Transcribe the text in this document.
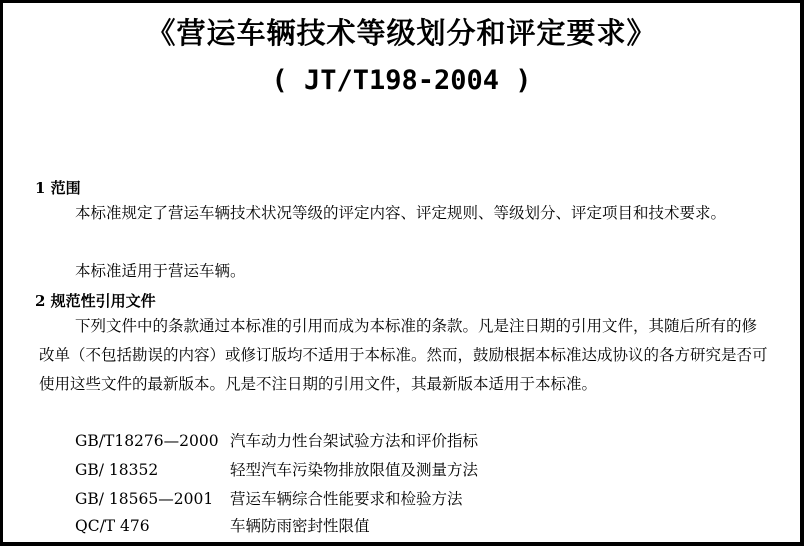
《营运车辆技术等级划分和评定要求》
( JT/T198-2004 )
1 范围
本标准规定了营运车辆技术状况等级的评定内容、评定规则、等级划分、评定项目和技术要求。
本标准适用于营运车辆。
2 规范性引用文件
下列文件中的条款通过本标准的引用而成为本标准的条款。凡是注日期的引用文件，其随后所有的修改单（不包括勘误的内容）或修订版均不适用于本标准。然而，鼓励根据本标准达成协议的各方研究是否可使用这些文件的最新版本。凡是不注日期的引用文件，其最新版本适用于本标准。
GB/T18276—2000 汽车动力性台架试验方法和评价指标
GB/ 18352	轻型汽车污染物排放限值及测量方法
GB/ 18565—2001 营运车辆综合性能要求和检验方法
QC/T 476	车辆防雨密封性限值
